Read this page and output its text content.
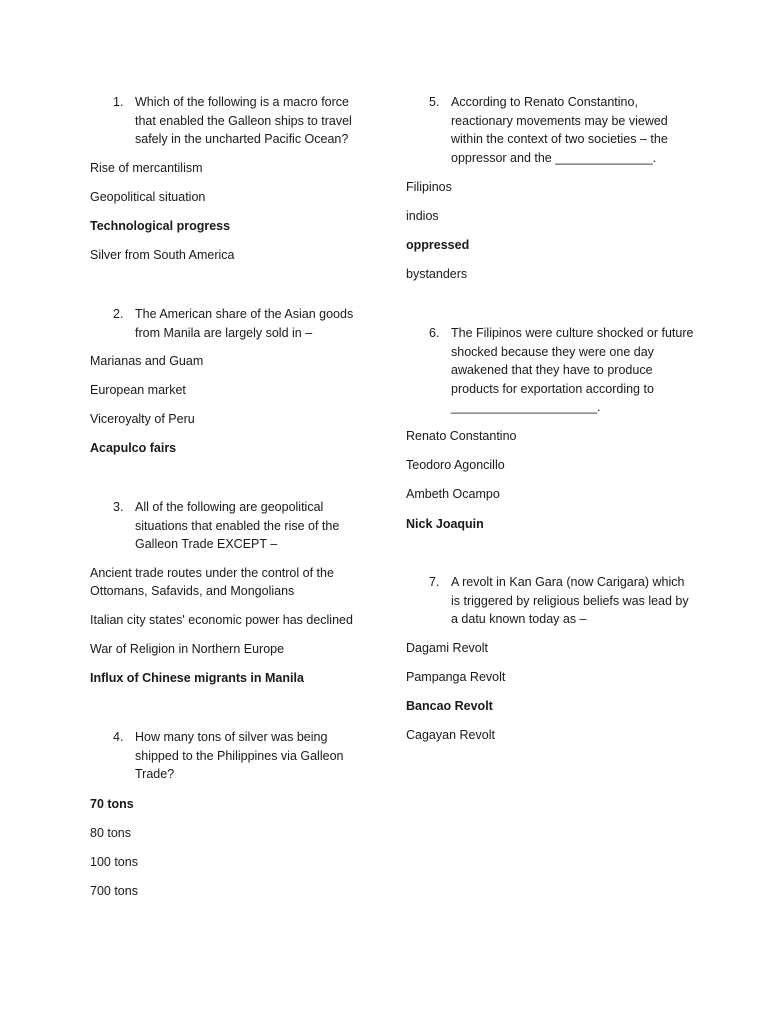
1. Which of the following is a macro force that enabled the Galleon ships to travel safely in the uncharted Pacific Ocean?

Rise of mercantilism

Geopolitical situation

Technological progress

Silver from South America

2. The American share of the Asian goods from Manila are largely sold in –

Marianas and Guam

European market

Viceroyalty of Peru

Acapulco fairs

3. All of the following are geopolitical situations that enabled the rise of the Galleon Trade EXCEPT –

Ancient trade routes under the control of the Ottomans, Safavids, and Mongolians

Italian city states' economic power has declined

War of Religion in Northern Europe

Influx of Chinese migrants in Manila

4. How many tons of silver was being shipped to the Philippines via Galleon Trade?

70 tons

80 tons

100 tons

700 tons

5. According to Renato Constantino, reactionary movements may be viewed within the context of two societies – the oppressor and the ______________.

Filipinos

indios

oppressed

bystanders

6. The Filipinos were culture shocked or future shocked because they were one day awakened that they have to produce products for exportation according to _____________________.

Renato Constantino

Teodoro Agoncillo

Ambeth Ocampo

Nick Joaquin

7. A revolt in Kan Gara (now Carigara) which is triggered by religious beliefs was lead by a datu known today as –

Dagami Revolt

Pampanga Revolt

Bancao Revolt

Cagayan Revolt
